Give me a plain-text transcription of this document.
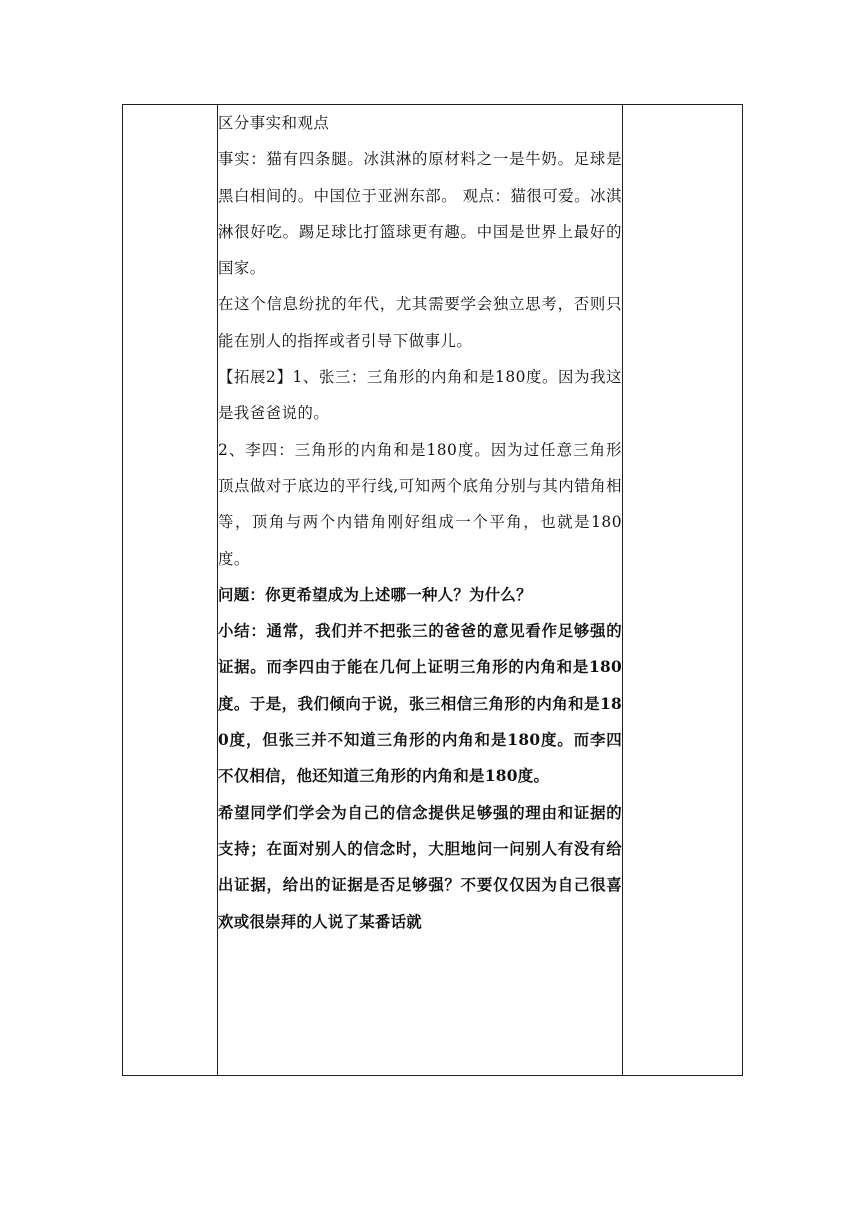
区分事实和观点

事实：猫有四条腿。冰淇淋的原材料之一是牛奶。足球是黑白相间的。中国位于亚洲东部。 观点：猫很可爱。冰淇淋很好吃。踢足球比打篮球更有趣。中国是世界上最好的国家。

在这个信息纷扰的年代，尤其需要学会独立思考，否则只能在别人的指挥或者引导下做事儿。

【拓展2】1、张三：三角形的内角和是180度。因为我这是我爸爸说的。

2、李四：三角形的内角和是180度。因为过任意三角形顶点做对于底边的平行线,可知两个底角分别与其内错角相等，顶角与两个内错角刚好组成一个平角，也就是180度。

问题：你更希望成为上述哪一种人？为什么？

小结：通常，我们并不把张三的爸爸的意见看作足够强的证据。而李四由于能在几何上证明三角形的内角和是180度。于是，我们倾向于说，张三相信三角形的内角和是180度，但张三并不知道三角形的内角和是180度。而李四不仅相信，他还知道三角形的内角和是180度。

希望同学们学会为自己的信念提供足够强的理由和证据的支持；在面对别人的信念时，大胆地问一问别人有没有给出证据，给出的证据是否足够强？不要仅仅因为自己很喜欢或很崇拜的人说了某番话就
